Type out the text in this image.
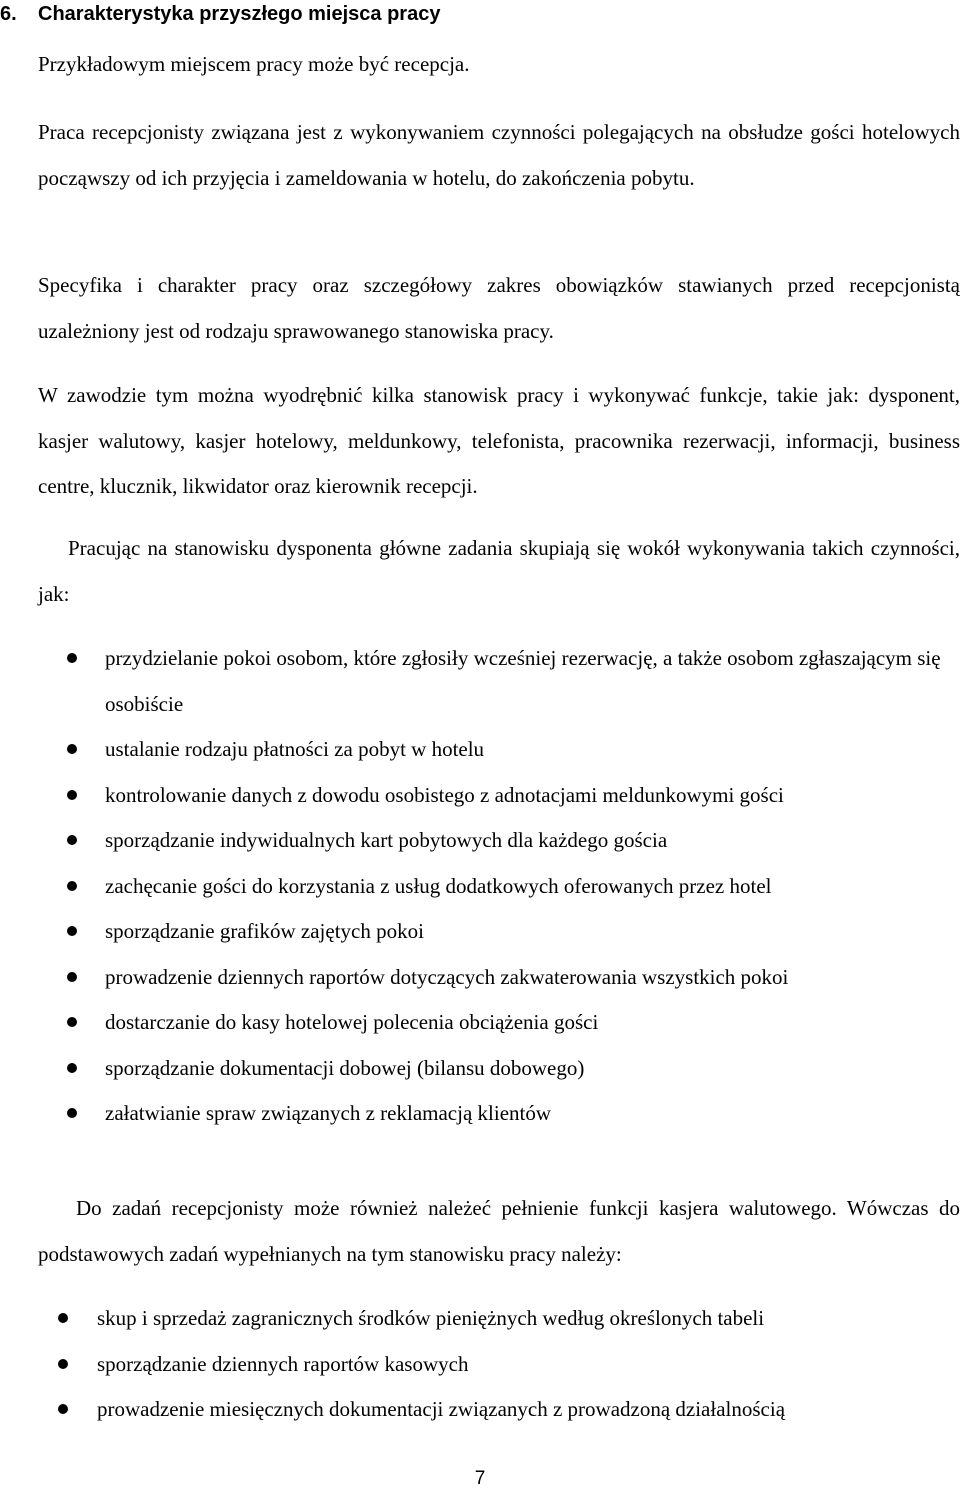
6. Charakterystyka przyszłego miejsca pracy
Przykładowym miejscem pracy może być recepcja.
Praca recepcjonisty związana jest z wykonywaniem czynności polegających na obsłudze gości hotelowych począwszy od ich przyjęcia i zameldowania w hotelu, do zakończenia pobytu.
Specyfika i charakter pracy oraz szczegółowy zakres obowiązków stawianych przed recepcjonistą uzależniony jest od rodzaju sprawowanego stanowiska pracy.
W zawodzie tym można wyodrębnić kilka stanowisk pracy i wykonywać funkcje, takie jak: dysponent, kasjer walutowy, kasjer hotelowy, meldunkowy, telefonista, pracownika rezerwacji, informacji, business centre, klucznik, likwidator oraz kierownik recepcji.
Pracując na stanowisku dysponenta główne zadania skupiają się wokół wykonywania takich czynności, jak:
przydzielanie pokoi osobom, które zgłosiły wcześniej rezerwację, a także osobom zgłaszającym się osobiście
ustalanie rodzaju płatności za pobyt w hotelu
kontrolowanie danych z dowodu osobistego z adnotacjami meldunkowymi gości
sporządzanie indywidualnych kart pobytowych dla każdego gościa
zachęcanie gości do korzystania z usług dodatkowych oferowanych przez hotel
sporządzanie grafików zajętych pokoi
prowadzenie dziennych raportów dotyczących zakwaterowania wszystkich pokoi
dostarczanie do kasy hotelowej polecenia obciążenia gości
sporządzanie dokumentacji dobowej (bilansu dobowego)
załatwianie spraw związanych z reklamacją klientów
Do zadań recepcjonisty może również należeć pełnienie funkcji kasjera walutowego. Wówczas do podstawowych zadań wypełnianych na tym stanowisku pracy należy:
skup i sprzedaż zagranicznych środków pieniężnych według określonych tabeli
sporządzanie dziennych raportów kasowych
prowadzenie miesięcznych dokumentacji związanych z prowadzoną działalnością
7
